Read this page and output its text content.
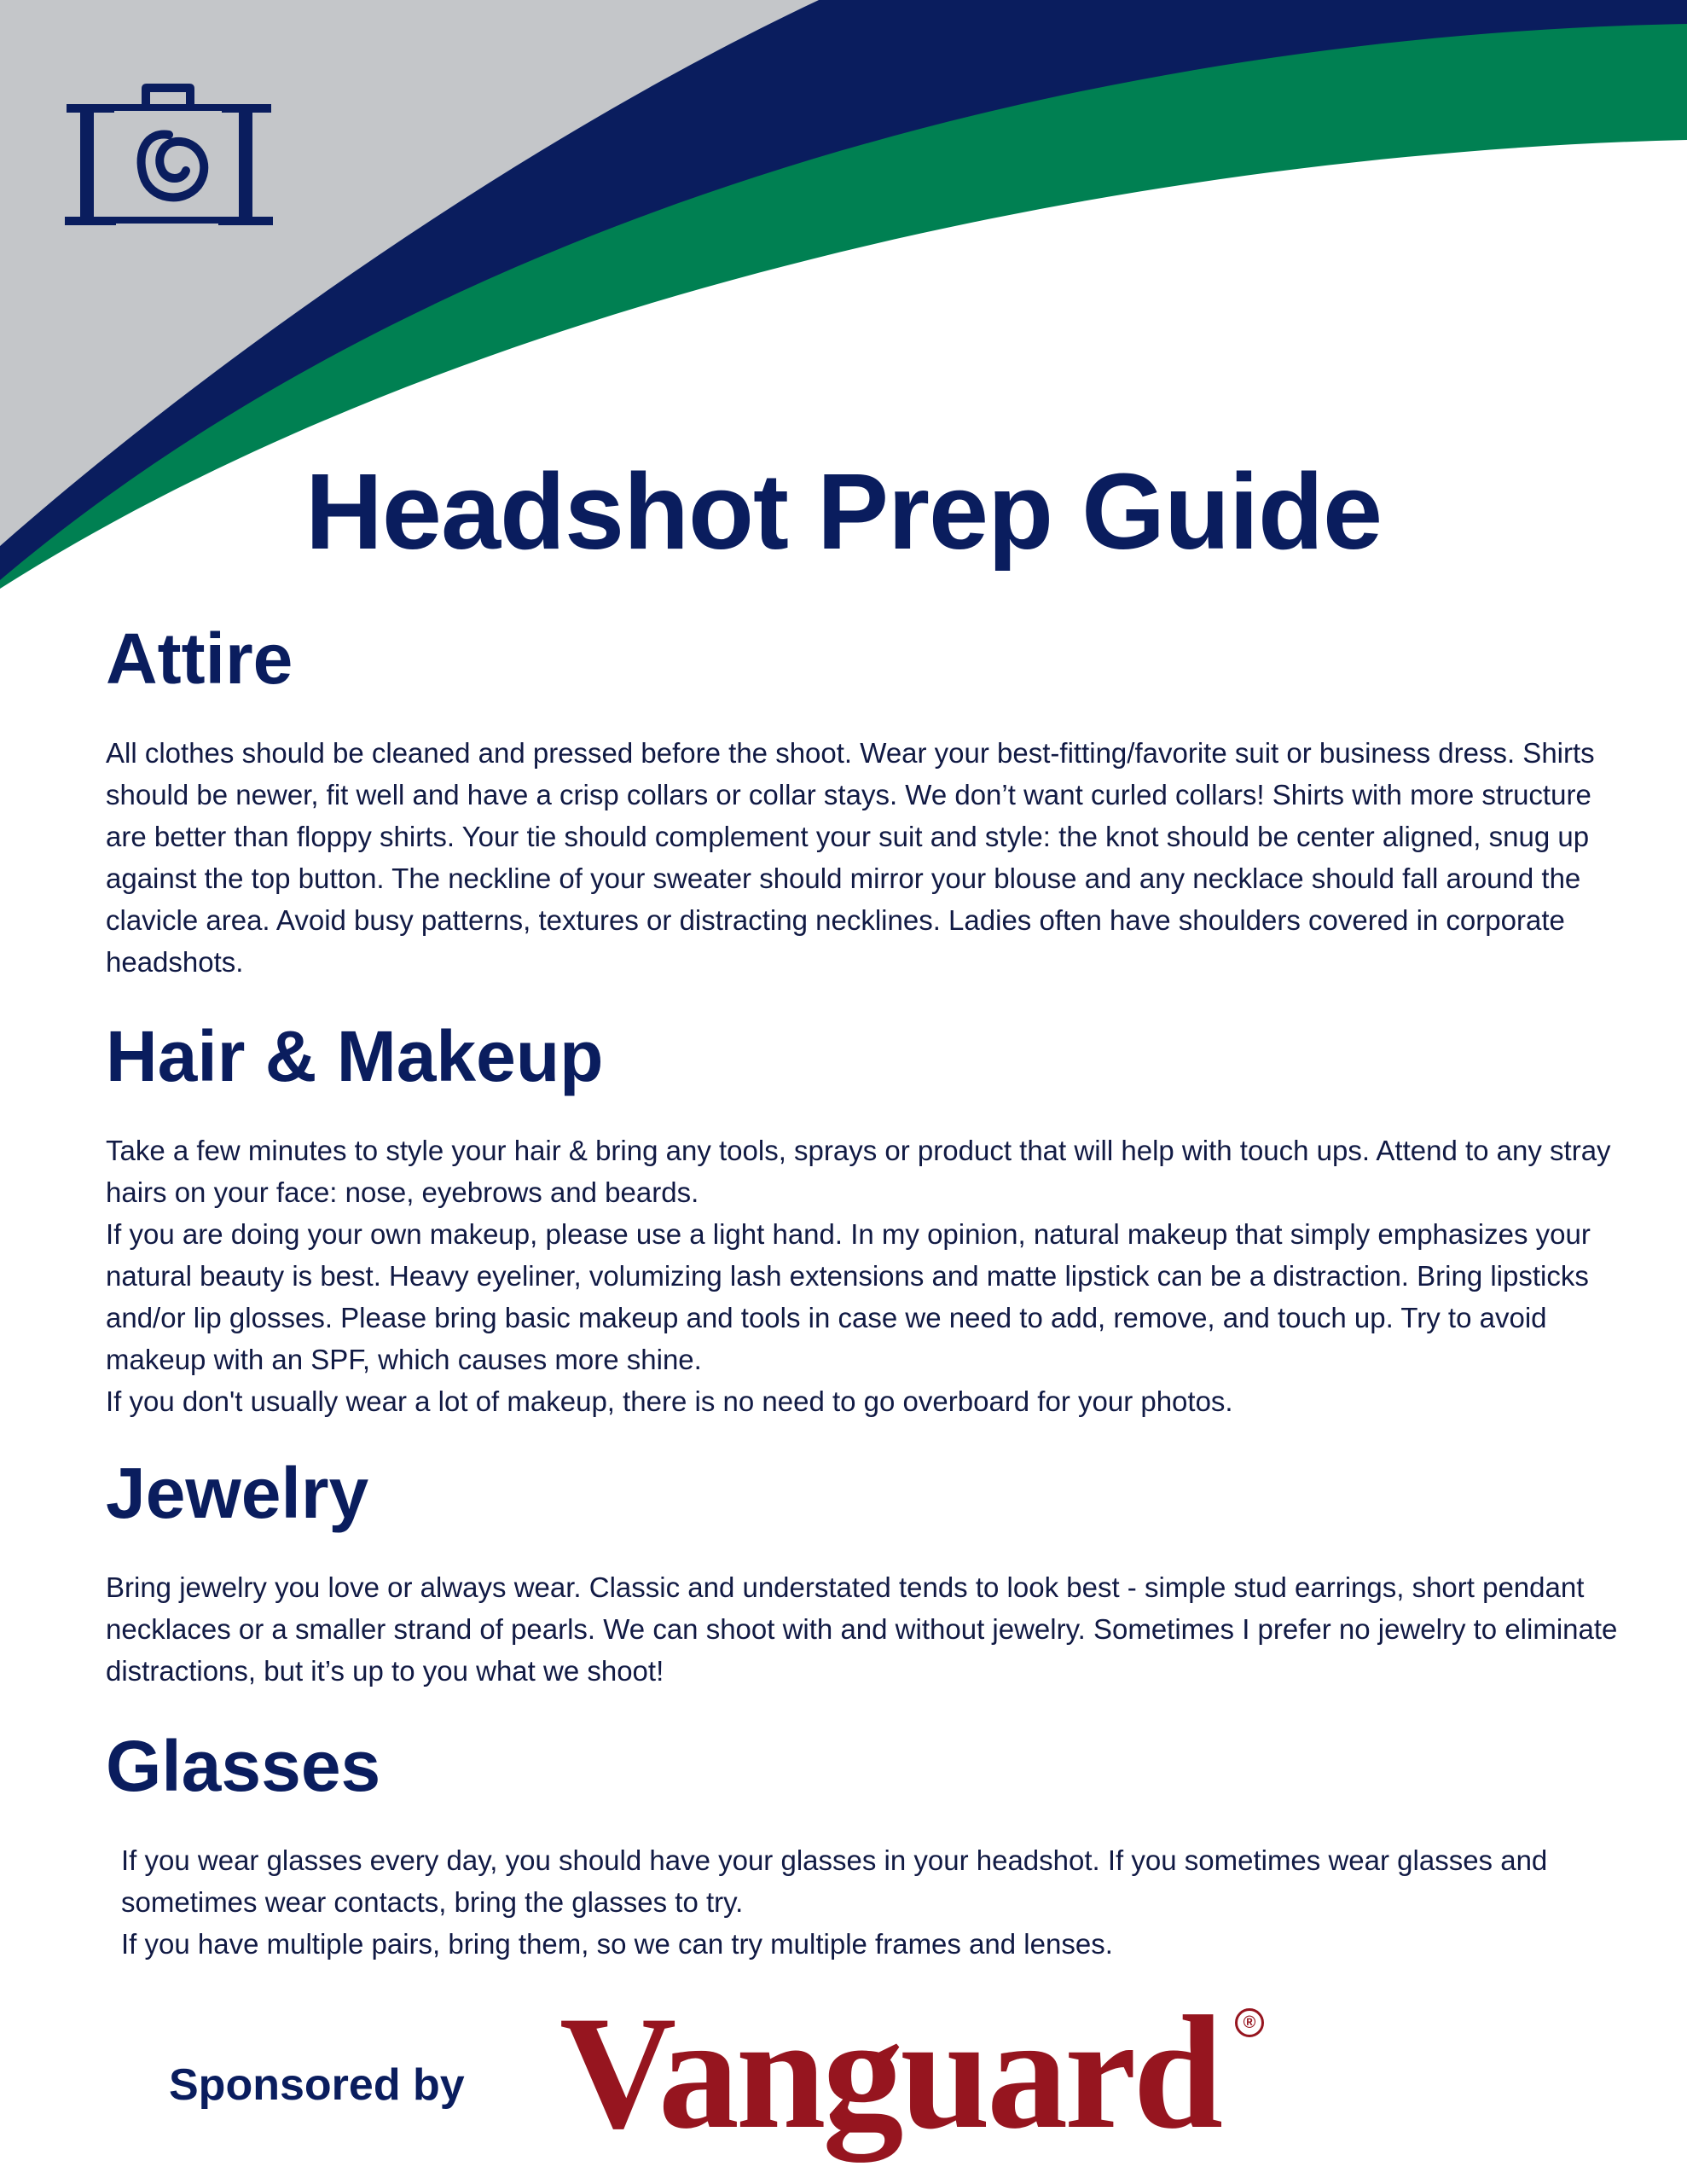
Headshot Prep Guide
Attire

All clothes should be cleaned and pressed before the shoot. Wear your best-fitting/favorite suit or business dress. Shirts should be newer, fit well and have a crisp collars or collar stays. We don’t want curled collars! Shirts with more structure are better than floppy shirts. Your tie should complement your suit and style: the knot should be center aligned, snug up against the top button. The neckline of your sweater should mirror your blouse and any necklace should fall around the clavicle area. Avoid busy patterns, textures or distracting necklines. Ladies often have shoulders covered in corporate headshots.

Hair & Makeup

Take a few minutes to style your hair & bring any tools, sprays or product that will help with touch ups. Attend to any stray hairs on your face: nose, eyebrows and beards.

If you are doing your own makeup, please use a light hand. In my opinion, natural makeup that simply emphasizes your natural beauty is best. Heavy eyeliner, volumizing lash extensions and matte lipstick can be a distraction. Bring lipsticks and/or lip glosses. Please bring basic makeup and tools in case we need to add, remove, and touch up. Try to avoid makeup with an SPF, which causes more shine.

If you don't usually wear a lot of makeup, there is no need to go overboard for your photos.

Jewelry

Bring jewelry you love or always wear. Classic and understated tends to look best - simple stud earrings, short pendant necklaces or a smaller strand of pearls. We can shoot with and without jewelry. Sometimes I prefer no jewelry to eliminate distractions, but it’s up to you what we shoot!

Glasses

If you wear glasses every day, you should have your glasses in your headshot. If you sometimes wear glasses and sometimes wear contacts, bring the glasses to try.

If you have multiple pairs, bring them, so we can try multiple frames and lenses.

Sponsored by Vanguard	®
